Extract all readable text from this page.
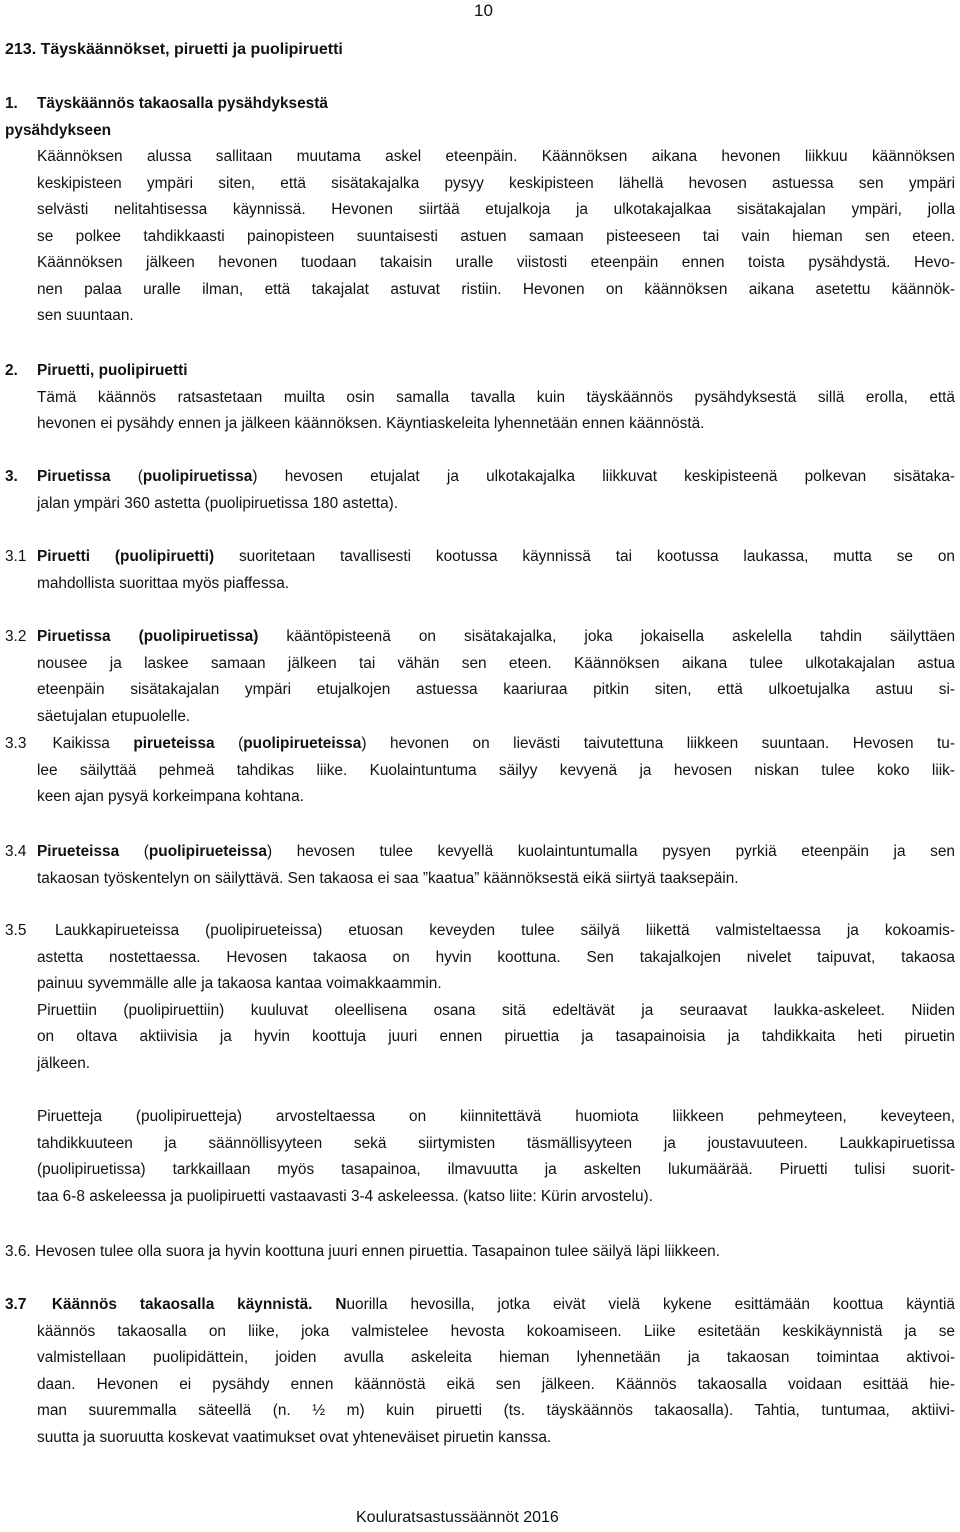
10
213. Täyskäännökset, piruetti ja puolipiruetti
1. Täyskäännös takaosalla pysähdyksestä
pysähdykseen
Käännöksen alussa sallitaan muutama askel eteenpäin. Käännöksen aikana hevonen liikkuu käännöksen
keskipisteen ympäri siten, että sisätakajalka pysyy keskipisteen lähellä hevosen astuessa sen ympäri
selvästi nelitahtisessa käynnissä. Hevonen siirtää etujalkoja ja ulkotakajalkaa sisätakajalan ympäri, jolla
se polkee tahdikkaasti painopisteen suuntaisesti astuen samaan pisteeseen tai vain hieman sen eteen.
Käännöksen jälkeen hevonen tuodaan takaisin uralle viistosti eteenpäin ennen toista pysähdystä. Hevo-
nen palaa uralle ilman, että takajalat astuvat ristiin. Hevonen on käännöksen aikana asetettu käännök-
sen suuntaan.
2. Piruetti, puolipiruetti
Tämä käännös ratsastetaan muilta osin samalla tavalla kuin täyskäännös pysähdyksestä sillä erolla, että
hevonen ei pysähdy ennen ja jälkeen käännöksen. Käyntiaskeleita lyhennetään ennen käännöstä.
3. Piruetissa (puolipiruetissa) hevosen etujalat ja ulkotakajalka liikkuvat keskipisteenä polkevan sisätaka-
jalan ympäri 360 astetta (puolipiruetissa 180 astetta).
3.1 Piruetti (puolipiruetti) suoritetaan tavallisesti kootussa käynnissä tai kootussa laukassa, mutta se on
mahdollista suorittaa myös piaffessa.
3.2 Piruetissa (puolipiruetissa) kääntöpisteenä on sisätakajalka, joka jokaisella askelella tahdin säilyttäen
nousee ja laskee samaan jälkeen tai vähän sen eteen. Käännöksen aikana tulee ulkotakajalan astua
eteenpäin sisätakajalan ympäri etujalkojen astuessa kaariuraa pitkin siten, että ulkoetujalka astuu si-
säetujalan etupuolelle.
3.3 Kaikissa pirueteissa (puolipirueteissa) hevonen on lievästi taivutettuna liikkeen suuntaan. Hevosen tu-
lee säilyttää pehmeä tahdikas liike. Kuolaintuntuma säilyy kevyenä ja hevosen niskan tulee koko liik-
keen ajan pysyä korkeimpana kohtana.
3.4 Pirueteissa (puolipirueteissa) hevosen tulee kevyellä kuolaintuntumalla pysyen pyrkiä eteenpäin ja sen
takaosan työskentelyn on säilyttävä. Sen takaosa ei saa ”kaatua” käännöksestä eikä siirtyä taaksepäin.
3.5 Laukkapirueteissa (puolipirueteissa) etuosan keveyden tulee säilyä liikettä valmisteltaessa ja kokoamis-
astetta nostettaessa. Hevosen takaosa on hyvin koottuna. Sen takajalkojen nivelet taipuvat, takaosa
painuu syvemmälle alle ja takaosa kantaa voimakkaammin.
Piruettiin (puolipiruettiin) kuuluvat oleellisena osana sitä edeltävät ja seuraavat laukka-askeleet. Niiden
on oltava aktiivisia ja hyvin koottuja juuri ennen piruettia ja tasapainoisia ja tahdikkaita heti piruetin
jälkeen.
Piruetteja (puolipiruetteja) arvosteltaessa on kiinnitettävä huomiota liikkeen pehmeyteen, keveyteen,
tahdikkuuteen ja säännöllisyyteen sekä siirtymisten täsmällisyyteen ja joustavuuteen. Laukkapiruetissa
(puolipiruetissa) tarkkaillaan myös tasapainoa, ilmavuutta ja askelten lukumäärää. Piruetti tulisi suorit-
taa 6-8 askeleessa ja puolipiruetti vastaavasti 3-4 askeleessa. (katso liite: Kürin arvostelu).
3.6. Hevosen tulee olla suora ja hyvin koottuna juuri ennen piruettia. Tasapainon tulee säilyä läpi liikkeen.
3.7 Käännös takaosalla käynnistä. Nuorilla hevosilla, jotka eivät vielä kykene esittämään koottua käyntiä
käännös takaosalla on liike, joka valmistelee hevosta kokoamiseen. Liike esitetään keskikäynnistä ja se
valmistellaan puolipidättein, joiden avulla askeleita hieman lyhennetään ja takaosan toimintaa aktivoi-
daan. Hevonen ei pysähdy ennen käännöstä eikä sen jälkeen. Käännös takaosalla voidaan esittää hie-
man suuremmalla säteellä (n. ½ m) kuin piruetti (ts. täyskäännös takaosalla). Tahtia, tuntumaa, aktiivi-
suutta ja suoruutta koskevat vaatimukset ovat yhteneväiset piruetin kanssa.
Kouluratsastussäännöt 2016
